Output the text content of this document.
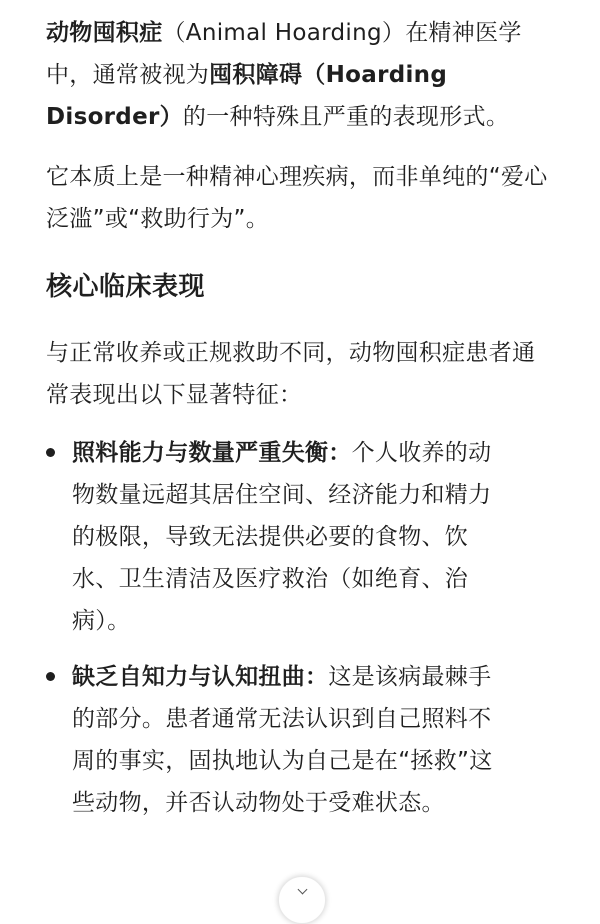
动物囤积症（Animal Hoarding）在精神医学中，通常被视为囤积障碍（Hoarding Disorder）的一种特殊且严重的表现形式。

它本质上是一种精神心理疾病，而非单纯的“爱心泛滥”或“救助行为”。

核心临床表现

与正常收养或正规救助不同，动物囤积症患者通常表现出以下显著特征：

照料能力与数量严重失衡：个人收养的动物数量远超其居住空间、经济能力和精力的极限，导致无法提供必要的食物、饮水、卫生清洁及医疗救治（如绝育、治病）。
缺乏自知力与认知扭曲：这是该病最棘手的部分。患者通常无法认识到自己照料不周的事实，固执地认为自己是在“拯救”这些动物，并否认动物处于受难状态。
